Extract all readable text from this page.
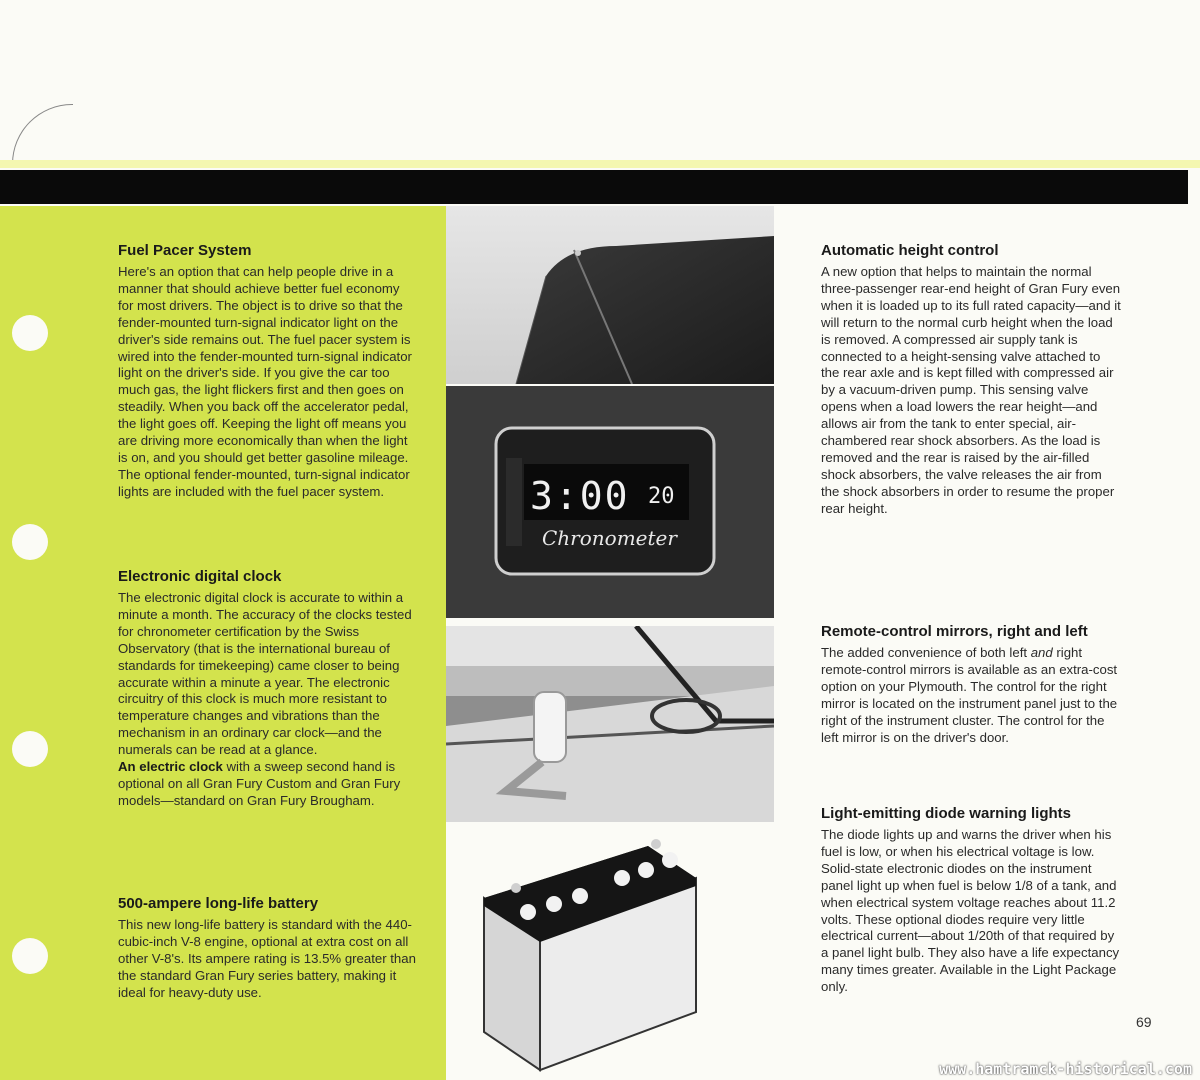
Fuel Pacer System

Here's an option that can help people drive in a manner that should achieve better fuel economy for most drivers. The object is to drive so that the fender-mounted turn-signal indicator light on the driver's side remains out. The fuel pacer system is wired into the fender-mounted turn-signal indicator light on the driver's side. If you give the car too much gas, the light flickers first and then goes on steadily. When you back off the accelerator pedal, the light goes off. Keeping the light off means you are driving more economically than when the light is on, and you should get better gasoline mileage. The optional fender-mounted, turn-signal indicator lights are included with the fuel pacer system.

Electronic digital clock

The electronic digital clock is accurate to within a minute a month. The accuracy of the clocks tested for chronometer certification by the Swiss Observatory (that is the international bureau of standards for timekeeping) came closer to being accurate within a minute a year. The electronic circuitry of this clock is much more resistant to temperature changes and vibrations than the mechanism in an ordinary car clock—and the numerals can be read at a glance.

An electric clock with a sweep second hand is optional on all Gran Fury Custom and Gran Fury models—standard on Gran Fury Brougham.

500-ampere long-life battery

This new long-life battery is standard with the 440-cubic-inch V-8 engine, optional at extra cost on all other V-8's. Its ampere rating is 13.5% greater than the standard Gran Fury series battery, making it ideal for heavy-duty use.

3:00 20
Chronometer
Automatic height control

A new option that helps to maintain the normal three-passenger rear-end height of Gran Fury even when it is loaded up to its full rated capacity—and it will return to the normal curb height when the load is removed. A compressed air supply tank is connected to a height-sensing valve attached to the rear axle and is kept filled with compressed air by a vacuum-driven pump. This sensing valve opens when a load lowers the rear height—and allows air from the tank to enter special, air-chambered rear shock absorbers. As the load is removed and the rear is raised by the air-filled shock absorbers, the valve releases the air from the shock absorbers in order to resume the proper rear height.

Remote-control mirrors, right and left

The added convenience of both left and right remote-control mirrors is available as an extra-cost option on your Plymouth. The control for the right mirror is located on the instrument panel just to the right of the instrument cluster. The control for the left mirror is on the driver's door.

Light-emitting diode warning lights

The diode lights up and warns the driver when his fuel is low, or when his electrical voltage is low. Solid-state electronic diodes on the instrument panel light up when fuel is below 1/8 of a tank, and when electrical system voltage reaches about 11.2 volts. These optional diodes require very little electrical current—about 1/20th of that required by a panel light bulb. They also have a life expectancy many times greater. Available in the Light Package only.

69
www.hamtramck-historical.com
